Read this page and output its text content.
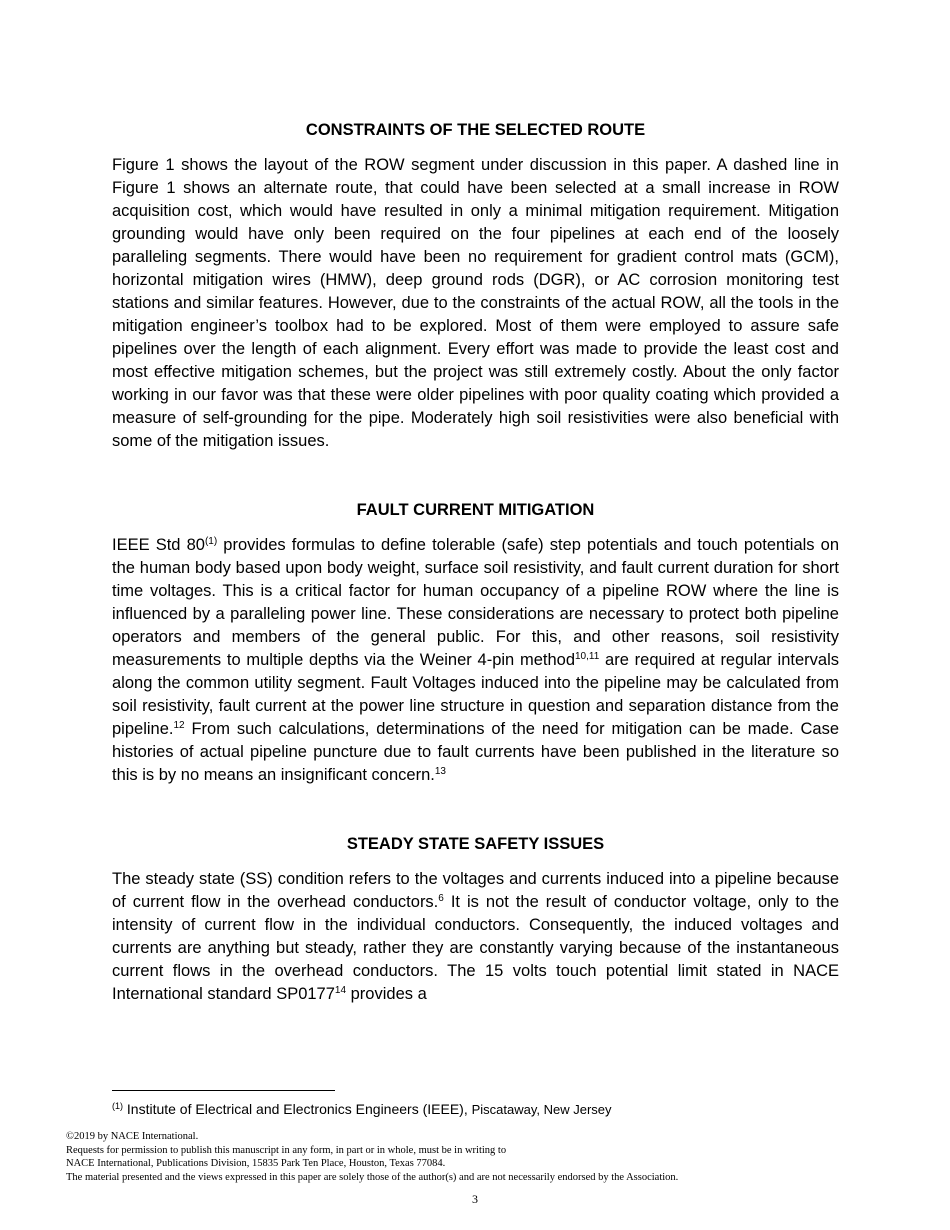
CONSTRAINTS OF THE SELECTED ROUTE

Figure 1 shows the layout of the ROW segment under discussion in this paper. A dashed line in Figure 1 shows an alternate route, that could have been selected at a small increase in ROW acquisition cost, which would have resulted in only a minimal mitigation requirement. Mitigation grounding would have only been required on the four pipelines at each end of the loosely paralleling segments. There would have been no requirement for gradient control mats (GCM), horizontal mitigation wires (HMW), deep ground rods (DGR), or AC corrosion monitoring test stations and similar features. However, due to the constraints of the actual ROW, all the tools in the mitigation engineer’s toolbox had to be explored. Most of them were employed to assure safe pipelines over the length of each alignment. Every effort was made to provide the least cost and most effective mitigation schemes, but the project was still extremely costly. About the only factor working in our favor was that these were older pipelines with poor quality coating which provided a measure of self-grounding for the pipe. Moderately high soil resistivities were also beneficial with some of the mitigation issues.

FAULT CURRENT MITIGATION

IEEE Std 80$^{(1)}$ provides formulas to define tolerable (safe) step potentials and touch potentials on the human body based upon body weight, surface soil resistivity, and fault current duration for short time voltages. This is a critical factor for human occupancy of a pipeline ROW where the line is influenced by a paralleling power line. These considerations are necessary to protect both pipeline operators and members of the general public. For this, and other reasons, soil resistivity measurements to multiple depths via the Weiner 4-pin method$^{10,11}$ are required at regular intervals along the common utility segment. Fault Voltages induced into the pipeline may be calculated from soil resistivity, fault current at the power line structure in question and separation distance from the pipeline.$^{12}$ From such calculations, determinations of the need for mitigation can be made. Case histories of actual pipeline puncture due to fault currents have been published in the literature so this is by no means an insignificant concern.$^{13}$

STEADY STATE SAFETY ISSUES

The steady state (SS) condition refers to the voltages and currents induced into a pipeline because of current flow in the overhead conductors.$^6$ It is not the result of conductor voltage, only to the intensity of current flow in the individual conductors. Consequently, the induced voltages and currents are anything but steady, rather they are constantly varying because of the instantaneous current flows in the overhead conductors. The 15 volts touch potential limit stated in NACE International standard SP0177$^{14}$ provides a

$^{(1)}$ Institute of Electrical and Electronics Engineers (IEEE), Piscataway, New Jersey
©2019 by NACE International.
Requests for permission to publish this manuscript in any form, in part or in whole, must be in writing to
NACE International, Publications Division, 15835 Park Ten Place, Houston, Texas 77084.
The material presented and the views expressed in this paper are solely those of the author(s) and are not necessarily endorsed by the Association.
3
